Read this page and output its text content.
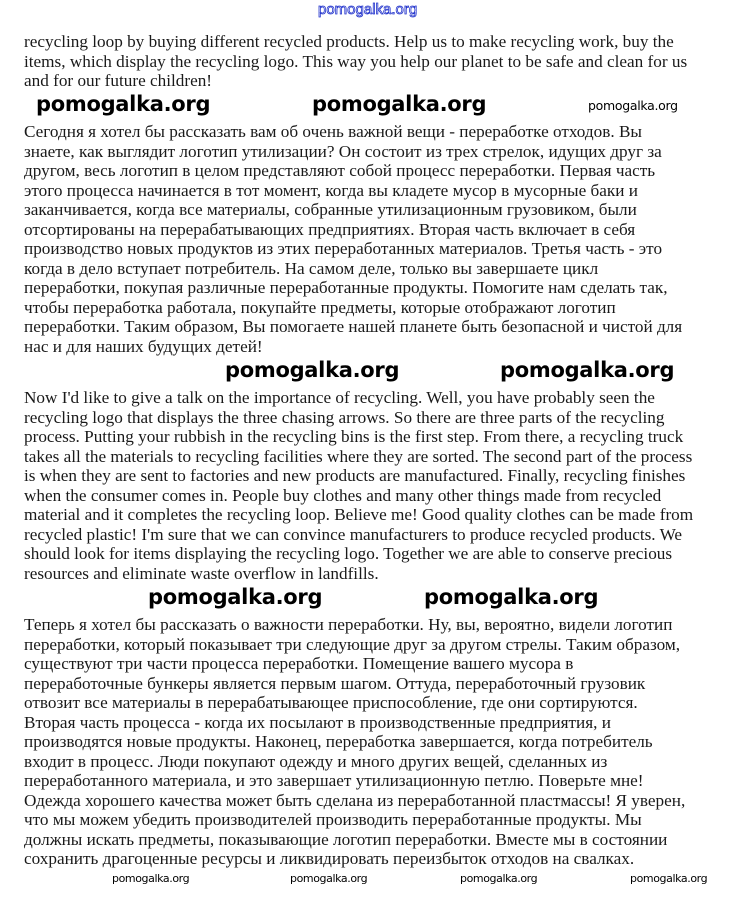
pomogalka.org
recycling loop by buying different recycled products. Help us to make recycling work, buy the
items, which display the recycling logo. This way you help our planet to be safe and clean for us
and for our future children!
Сегодня я хотел бы рассказать вам об очень важной вещи - переработке отходов. Вы
знаете, как выглядит логотип утилизации? Он состоит из трех стрелок, идущих друг за
другом, весь логотип в целом представляют собой процесс переработки. Первая часть
этого процесса начинается в тот момент, когда вы кладете мусор в мусорные баки и
заканчивается, когда все материалы, собранные утилизационным грузовиком, были
отсортированы на перерабатывающих предприятиях. Вторая часть включает в себя
производство новых продуктов из этих переработанных материалов. Третья часть - это
когда в дело вступает потребитель. На самом деле, только вы завершаете цикл
переработки, покупая различные переработанные продукты. Помогите нам сделать так,
чтобы переработка работала, покупайте предметы, которые отображают логотип
переработки. Таким образом, Вы помогаете нашей планете быть безопасной и чистой для
нас и для наших будущих детей!
Now I'd like to give a talk on the importance of recycling. Well, you have probably seen the
recycling logo that displays the three chasing arrows. So there are three parts of the recycling
process. Putting your rubbish in the recycling bins is the first step. From there, a recycling truck
takes all the materials to recycling facilities where they are sorted. The second part of the process
is when they are sent to factories and new products are manufactured. Finally, recycling finishes
when the consumer comes in. People buy clothes and many other things made from recycled
material and it completes the recycling loop. Believe me! Good quality clothes can be made from
recycled plastic! I'm sure that we can convince manufacturers to produce recycled products. We
should look for items displaying the recycling logo. Together we are able to conserve precious
resources and eliminate waste overflow in landfills.
Теперь я хотел бы рассказать о важности переработки. Ну, вы, вероятно, видели логотип
переработки, который показывает три следующие друг за другом стрелы. Таким образом,
существуют три части процесса переработки. Помещение вашего мусора в
переработочные бункеры является первым шагом. Оттуда, переработочный грузовик
отвозит все материалы в перерабатывающее приспособление, где они сортируются.
Вторая часть процесса - когда их посылают в производственные предприятия, и
производятся новые продукты. Наконец, переработка завершается, когда потребитель
входит в процесс. Люди покупают одежду и много других вещей, сделанных из
переработанного материала, и это завершает утилизационную петлю. Поверьте мне!
Одежда хорошего качества может быть сделана из переработанной пластмассы! Я уверен,
что мы можем убедить производителей производить переработанные продукты. Мы
должны искать предметы, показывающие логотип переработки. Вместе мы в состоянии
сохранить драгоценные ресурсы и ликвидировать переизбыток отходов на свалках.
pomogalka.org	pomogalka.org	pomogalka.org
pomogalka.org
pomogalka.org
pomogalka.org
pomogalka.org
pomogalka.org
pomogalka.org	pomogalka.org	pomogalka.org
